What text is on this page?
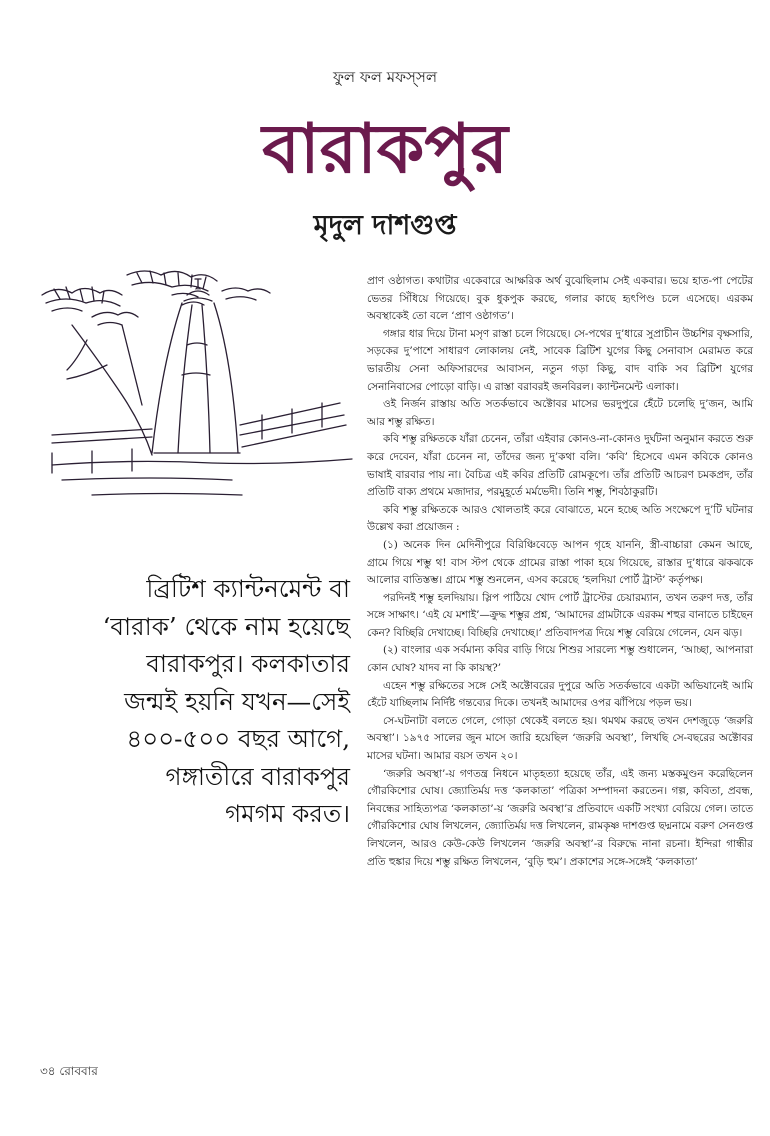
ফুল ফল মফস্সল
বারাকপুর
মৃদুল দাশগুপ্ত

ব্রিটিশ ক্যান্টনমেন্ট বা ‘বারাক’ থেকে নাম হয়েছে বারাকপুর। কলকাতার জন্মই হয়নি যখন—সেই ৪০০-৫০০ বছর আগে, গঙ্গাতীরে বারাকপুর গমগম করত।

প্রাণ ওষ্ঠাগত। কথাটার একেবারে আক্ষরিক অর্থ বুঝেছিলাম সেই একবার। ভয়ে হাত-পা পেটের ভেতর সিঁধিয়ে গিয়েছে। বুক ধুকপুক করছে, গলার কাছে হৃৎপিণ্ড চলে এসেছে। এরকম অবস্থাকেই তো বলে ‘প্রাণ ওষ্ঠাগত’।

গঙ্গার ধার দিয়ে টানা মসৃণ রাস্তা চলে গিয়েছে। সে-পথের দু’ধারে সুপ্রাচীন উচ্চশির বৃক্ষসারি, সড়কের দু’পাশে সাধারণ লোকালয় নেই, সাবেক ব্রিটিশ যুগের কিছু সেনাবাস মেরামত করে ভারতীয় সেনা অফিসারদের আবাসন, নতুন গড়া কিছু, বাদ বাকি সব ব্রিটিশ যুগের সেনানিবাসের পোড়ো বাড়ি। এ রাস্তা বরাবরই জনবিরল। ক্যান্টনমেন্ট এলাকা।

ওই নির্জন রাস্তায় অতি সতর্কভাবে অক্টোবর মাসের ভরদুপুরে হেঁটে চলেছি দু’জন, আমি আর শম্ভু রক্ষিত।

কবি শম্ভু রক্ষিতকে যাঁরা চেনেন, তাঁরা এইবার কোনও-না-কোনও দুর্ঘটনা অনুমান করতে শুরু করে দেবেন, যাঁরা চেনেন না, তাঁদের জন্য দু’কথা বলি। ‘কবি’ হিসেবে এমন কবিকে কোনও ভাষাই বারবার পায় না। বৈচিত্র এই কবির প্রতিটি রোমকূপে। তাঁর প্রতিটি আচরণ চমকপ্রদ, তাঁর প্রতিটি বাক্য প্রথমে মজাদার, পরমুহূর্তে মর্মভেদী। তিনি শম্ভু, শিবঠাকুরটি।

কবি শম্ভু রক্ষিতকে আরও খোলতাই করে বোঝাতে, মনে হচ্ছে অতি সংক্ষেপে দু’টি ঘটনার উল্লেখ করা প্রয়োজন :

(১) অনেক দিন মেদিনীপুরে বিরিঞ্চিবেড়ে আপন গৃহে যাননি, স্ত্রী-বাচ্চারা কেমন আছে, গ্রামে গিয়ে শম্ভু থ! বাস স্টপ থেকে গ্রামের রাস্তা পাকা হয়ে গিয়েছে, রাস্তার দু’ধারে ঝকঝকে আলোর বাতিস্তম্ভ। গ্রামে শম্ভু শুনলেন, এসব করেছে ‘হলদিয়া পোর্ট ট্রাস্ট’ কর্তৃপক্ষ।

পরদিনই শম্ভু হলদিয়ায়। স্লিপ পাঠিয়ে খোদ পোর্ট ট্রাস্টের চেয়ারম্যান, তখন তরুণ দত্ত, তাঁর সঙ্গে সাক্ষাৎ। ‘এই যে মশাই’—ক্রুদ্ধ শম্ভুর প্রশ্ন, ‘আমাদের গ্রামটাকে এরকম শহুর বানাতে চাইছেন কেন? বিচ্ছিরি দেখাচ্ছে। বিচ্ছিরি দেখাচ্ছে।’ প্রতিবাদপত্র দিয়ে শম্ভু বেরিয়ে গেলেন, যেন ঝড়।

(২) বাংলার এক সর্বমান্য কবির বাড়ি গিয়ে শিশুর সারল্যে শম্ভু শুধালেন, ‘আচ্ছা, আপনারা কোন ঘোষ? যাদব না কি কায়স্থ?’

এহেন শম্ভু রক্ষিতের সঙ্গে সেই অক্টোবরের দুপুরে অতি সতর্কভাবে একটা অভিযানেই আমি হেঁটে যাচ্ছিলাম নির্দিষ্ট গন্তব্যের দিকে। তখনই আমাদের ওপর ঝাঁপিয়ে পড়ল ভয়।

সে-ঘটনাটা বলতে গেলে, গোড়া থেকেই বলতে হয়। থমথম করছে তখন দেশজুড়ে ‘জরুরি অবস্থা’। ১৯৭৫ সালের জুন মাসে জারি হয়েছিল ‘জরুরি অবস্থা’, লিখছি সে-বছরের অক্টোবর মাসের ঘটনা। আমার বয়স তখন ২০।

‘জরুরি অবস্থা’-য় গণতন্ত্র নিধনে মাতৃহত্যা হয়েছে তাঁর, এই জন্য মস্তকমুণ্ডন করেছিলেন গৌরকিশোর ঘোষ। জ্যোতির্ময় দত্ত ‘কলকাতা’ পত্রিকা সম্পাদনা করতেন। গল্প, কবিতা, প্রবন্ধ, নিবন্ধের সাহিত্যপত্র ‘কলকাতা’-য় ‘জরুরি অবস্থা’র প্রতিবাদে একটি সংখ্যা বেরিয়ে গেল। তাতে গৌরকিশোর ঘোষ লিখলেন, জ্যোতির্ময় দত্ত লিখলেন, রামকৃষ্ণ দাশগুপ্ত ছদ্মনামে বরুণ সেনগুপ্ত লিখলেন, আরও কেউ-কেউ লিখলেন ‘জরুরি অবস্থা’-র বিরুদ্ধে নানা রচনা। ইন্দিরা গান্ধীর প্রতি হুঙ্কার দিয়ে শম্ভু রক্ষিত লিখলেন, ‘বুড়ি হুম’। প্রকাশের সঙ্গে-সঙ্গেই ‘কলকাতা’

৩৪ রোববার
